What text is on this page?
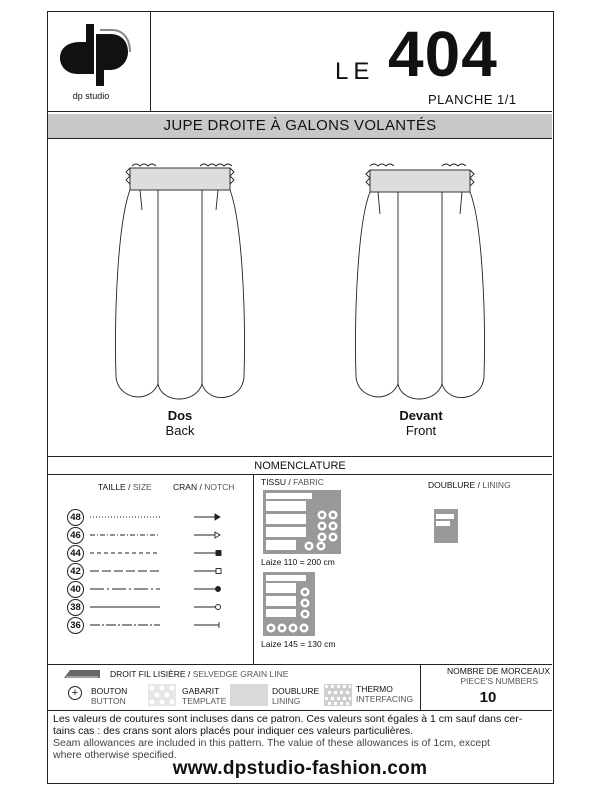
dp studio
LE 404
PLANCHE 1/1
JUPE DROITE À GALONS VOLANTÉS
Dos
Back
Devant
Front
NOMENCLATURE
TAILLE / SIZE	CRAN / NOTCH
48
46
44
42
40
38
36
TISSU / FABRIC
Laize 110 = 200 cm
Laize 145 = 130 cm
DOUBLURE / LINING
DROIT FIL LISIÈRE / SELVEDGE GRAIN LINE
+	BOUTON
BUTTON
GABARIT
TEMPLATE
DOUBLURE
LINING
THERMO
INTERFACING
NOMBRE DE MORCEAUX
PIECE'S NUMBERS
10
Les valeurs de coutures sont incluses dans ce patron. Ces valeurs sont égales à 1 cm sauf dans cer-
tains cas : des crans sont alors placés pour indiquer ces valeurs particulières.
Seam allowances are included in this pattern. The value of these allowances is of 1cm, except
where otherwise specified.
www.dpstudio-fashion.com
